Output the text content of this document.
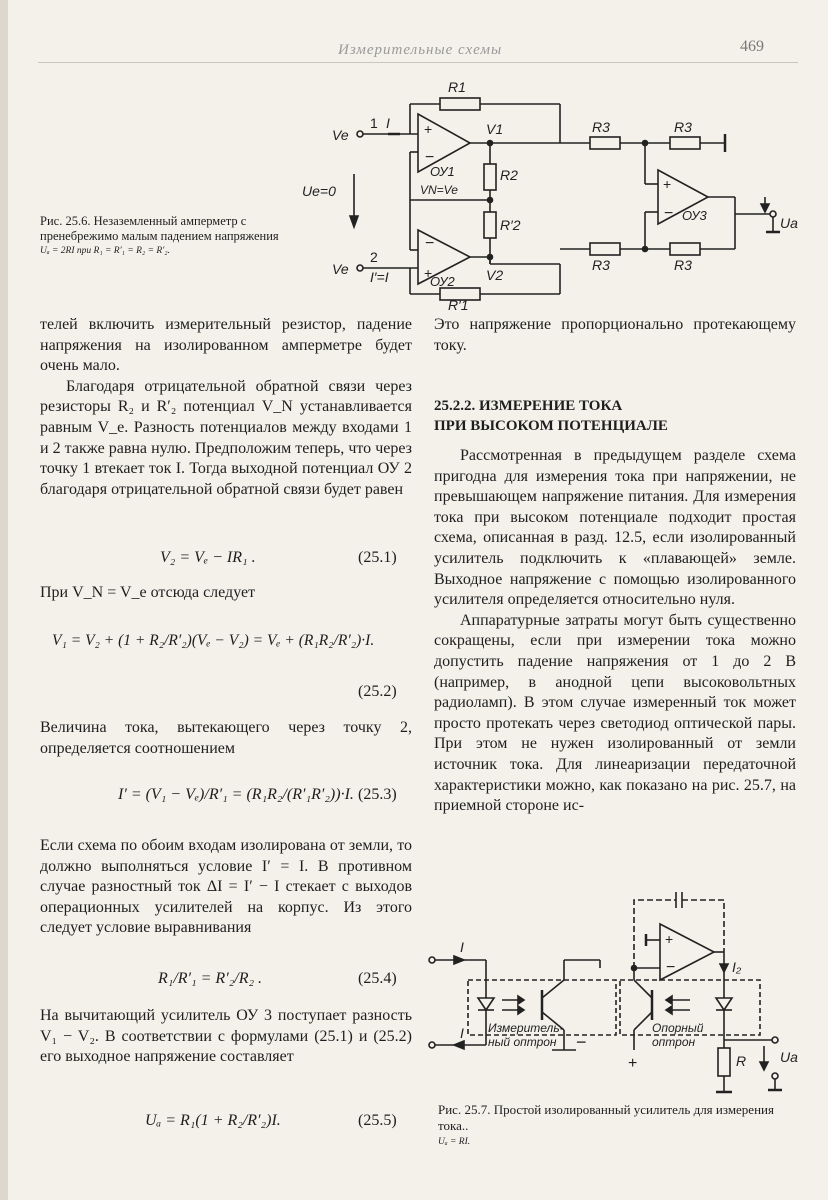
Измерительные схемы	469
Рис. 25.6. Незаземленный амперметр с пренебрежимо малым падением напряжения
Uₐ = 2RI при R₁ = R′₁ = R₂ = R′₂.
+
−
−
+
+
−
R1
R′1
R2
R′2
R3	R3
R3	R3
V1
V2
VN=Ve
Ve
1
Ve
2
I
I′=I
Ue=0
ОУ1
ОУ2
ОУ3	Ua

телей включить измерительный резистор, падение напряжения на изолированном амперметре будет очень мало.

Благодаря отрицательной обратной связи через резисторы R₂ и R′₂ потенциал V_N устанавливается равным V_e. Разность потенциалов между входами 1 и 2 также равна нулю. Предположим теперь, что через точку 1 втекает ток I. Тогда выходной потенциал ОУ 2 благодаря отрицательной обратной связи будет равен

V₂ = Vₑ − IR₁ .	(25.1)
При V_N = V_e отсюда следует
V₁ = V₂ + (1 + R₂/R′₂)(Vₑ − V₂) = Vₑ + (R₁R₂/R′₂)·I.
(25.2)
Величина тока, вытекающего через точку 2, определяется соотношением
I′ = (V₁ − Vₑ)/R′₁ = (R₁R₂/(R′₁R′₂))·I. (25.3)
Если схема по обоим входам изолирована от земли, то должно выполняться условие I′ = I. В противном случае разностный ток ΔI = I′ − I стекает с выходов операционных усилителей на корпус. Из этого следует условие выравнивания
R₁/R′₁ = R′₂/R₂ .	(25.4)
На вычитающий усилитель ОУ 3 поступает разность V₁ − V₂. В соответствии с формулами (25.1) и (25.2) его выходное напряжение составляет
Uₐ = R₁(1 + R₂/R′₂)I.	(25.5)

Это напряжение пропорционально протекающему току.

25.2.2. ИЗМЕРЕНИЕ ТОКА
ПРИ ВЫСОКОМ ПОТЕНЦИАЛЕ

Рассмотренная в предыдущем разделе схема пригодна для измерения тока при напряжении, не превышающем напряжение питания. Для измерения тока при высоком потенциале подходит простая схема, описанная в разд. 12.5, если изолированный усилитель подключить к «плавающей» земле. Выходное напряжение с помощью изолированного усилителя определяется относительно нуля.

Аппаратурные затраты могут быть существенно сокращены, если при измерении тока можно допустить падение напряжения от 1 до 2 В (например, в анодной цепи высоковольтных радиоламп). В этом случае измеренный ток может просто протекать через светодиод оптической пары. При этом не нужен изолированный от земли источник тока. Для линеаризации передаточной характеристики можно, как показано на рис. 25.7, на приемной стороне ис-

+
−
I
I
I₂
Измеритель-
ный оптрон
Опорный
оптрон
R Ua
−
+
Рис. 25.7. Простой изолированный усилитель для измерения тока..
Uₐ = RI.
